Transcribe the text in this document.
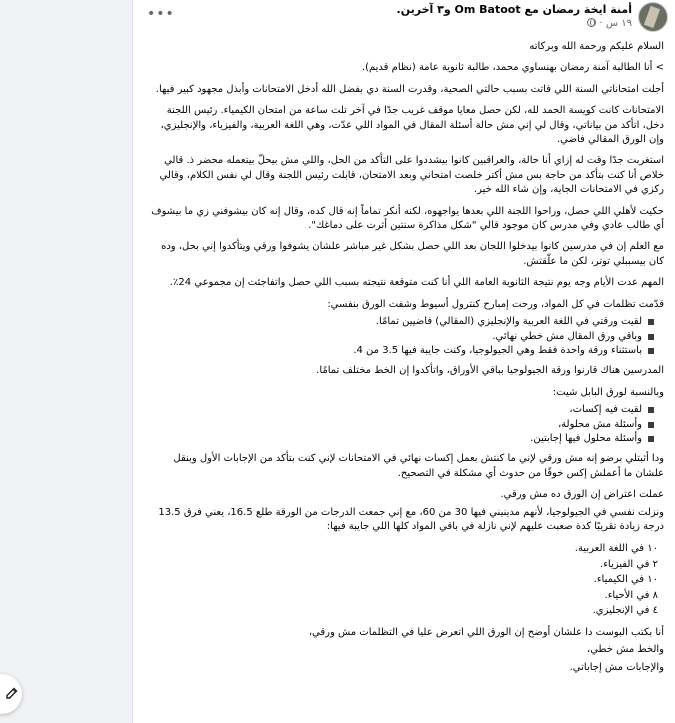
•••	أمنة ايخة رمضان مع Om Batoot و٣ آخرين.
١٩ س ·

السلام عليكم ورحمة الله وبركاته

> أنا الطالبة آمنة رمضان بهنساوي محمد، طالبة ثانوية عامة (نظام قديم).

أجلت امتحاناتي السنة اللي فاتت بسبب حالتي الصحية، وقدرت السنة دي بفضل الله أدخل الامتحانات وأبذل مجهود كبير فيها.

الامتحانات كانت كويسة الحمد لله، لكن حصل معايا موقف غريب جدًا في آخر تلت ساعة من امتحان الكيمياء. رئيس اللجنة دخل، اتأكد من بياناتي، وقال لي إني مش حالة أسئلة المقال في المواد اللي عدّت، وهي اللغة العربية، والفيزياء، والإنجليزي، وإن الورق المقالي فاضي.

استغربت جدًا وقت له إزاي أنا حالة، والعراقبين كانوا بيشددوا على التأكد من الحل، واللي مش بيحلّ بيتعمله محضر ذ. قالي خلاص أنا كنت بتأكد من حاجة بس مش أكتر خلصت امتحاني وبعد الامتحان، قابلت رئيس اللجنة وقال لي نفس الكلام، وقالي ركزي في الامتحانات الجاية، وإن شاء الله خير.

حكيت لأهلي اللي حصل، وراحوا اللجنة اللي بعدها يواجهوه، لكنه أنكر تماماً إنه قال كده، وقال إنه كان بيشوفني زي ما بيشوف أي طالب عادي وفي مدرس كان موجود قالي "شكل مذاكرة سنتين أثرت على دماغك".

مع العلم إن في مدرسين كانوا بيدخلوا اللجان بعد اللي حصل بشكل غير مباشر علشان يشوفوا ورقي ويتأكدوا إني بحل، وده كان بيسببلي توتر، لكن ما علّقتش.

المهم عدت الأيام وجه يوم نتيجة الثانوية العامة اللي أنا كنت متوقعة نتيجته بسبب اللي حصل واتفاجئت إن مجموعي 24٪.

قدّمت تظلمات في كل المواد، ورحت إمبارح كنترول أسيوط وشفت الورق بنفسي:

لقيت ورقتي في اللغة العربية والإنجليزي (المقالي) فاضيين تمامًا.
وباقي ورق المقال مش خطي نهائي.
باستثناء ورقة واحدة فقط وهي الجيولوجيا، وكنت جايبة فيها 3.5 من 4.

المدرسين هناك قارنوا ورقة الجيولوجيا بباقي الأوراق، واتأكدوا إن الخط مختلف تمامًا.

وبالنسبة لورق البابل شيت:

لقيت فيه إكسات،
وأسئلة مش محلولة،
وأسئلة محلول فيها إجابتين.

ودا أثبتلي برضو إنه مش ورقي لإني ما كنتش بعمل إكسات نهائي في الامتحانات لإني كنت بتأكد من الإجابات الأول وبنقل علشان ما أعملش إكس خوفًا من حدوث أي مشكلة في التصحيح.

عملت اعتراض إن الورق ده مش ورقي.

ونزلت نفسي في الجيولوجيا، لأنهم مدينيني فيها 30 من 60، مع إني جمعت الدرجات من الورقة طلع 16.5، يعني فرق 13.5 درجة زيادة تقريبًا كدة صعبت عليهم لإني نازلة في باقي المواد كلها اللي جايبة فيها:

١٠ في اللغة العربية.
٢ في الفيزياء.
١٠ في الكيمياء.
٨ في الأحياء.
٤ في الإنجليزي.

أنا بكتب البوست دا علشان أوضح إن الورق اللي اتعرض عليا في التظلمات مش ورقي،

والخط مش خطي،

والإجابات مش إجاباتي.
